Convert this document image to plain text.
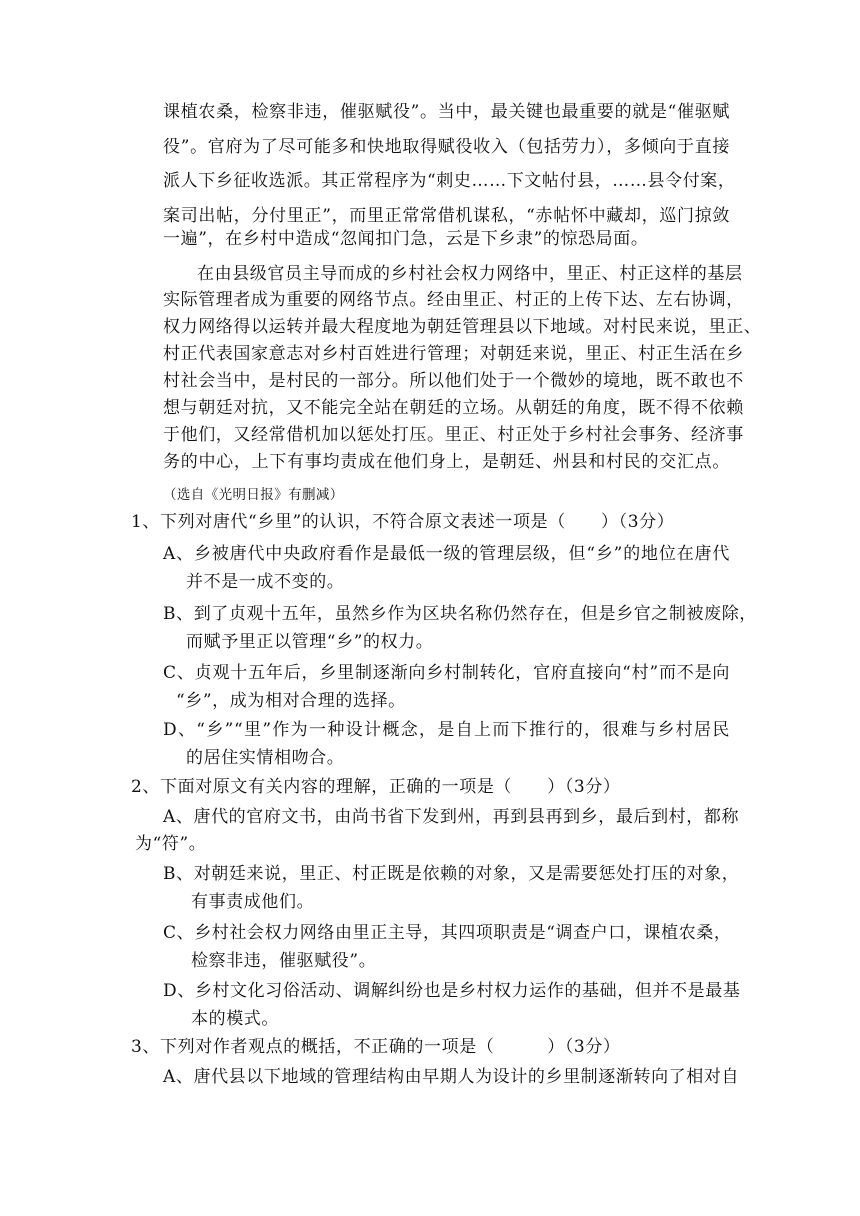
课植农桑，检察非违，催驱赋役”。当中，最关键也最重要的就是“催驱赋
役”。官府为了尽可能多和快地取得赋役收入（包括劳力），多倾向于直接
派人下乡征收选派。其正常程序为“刺史……下文帖付县，……县令付案，
案司出帖，分付里正”，而里正常常借机谋私，“赤帖怀中藏却，巡门掠敛
一遍”，在乡村中造成“忽闻扣门急，云是下乡隶”的惊恐局面。
在由县级官员主导而成的乡村社会权力网络中，里正、村正这样的基层
实际管理者成为重要的网络节点。经由里正、村正的上传下达、左右协调，
权力网络得以运转并最大程度地为朝廷管理县以下地域。对村民来说，里正、
村正代表国家意志对乡村百姓进行管理；对朝廷来说，里正、村正生活在乡
村社会当中，是村民的一部分。所以他们处于一个微妙的境地，既不敢也不
想与朝廷对抗，又不能完全站在朝廷的立场。从朝廷的角度，既不得不依赖
于他们，又经常借机加以惩处打压。里正、村正处于乡村社会事务、经济事
务的中心，上下有事均责成在他们身上，是朝廷、州县和村民的交汇点。
（选自《光明日报》有删减）
1、下列对唐代“乡里”的认识，不符合原文表述一项是（　　）（3分）
A、乡被唐代中央政府看作是最低一级的管理层级，但“乡”的地位在唐代
并不是一成不变的。
B、到了贞观十五年，虽然乡作为区块名称仍然存在，但是乡官之制被废除，
而赋予里正以管理“乡”的权力。
C、贞观十五年后，乡里制逐渐向乡村制转化，官府直接向“村”而不是向
“乡”，成为相对合理的选择。
D、“乡”“里”作为一种设计概念，是自上而下推行的，很难与乡村居民
的居住实情相吻合。
2、下面对原文有关内容的理解，正确的一项是（　　）（3分）
A、唐代的官府文书，由尚书省下发到州，再到县再到乡，最后到村，都称
为“符”。
B、对朝廷来说，里正、村正既是依赖的对象，又是需要惩处打压的对象，
有事责成他们。
C、乡村社会权力网络由里正主导，其四项职责是“调查户口，课植农桑，
检察非违，催驱赋役”。
D、乡村文化习俗活动、调解纠纷也是乡村权力运作的基础，但并不是最基
本的模式。
3、下列对作者观点的概括，不正确的一项是（　　　）（3分）
A、唐代县以下地域的管理结构由早期人为设计的乡里制逐渐转向了相对自
